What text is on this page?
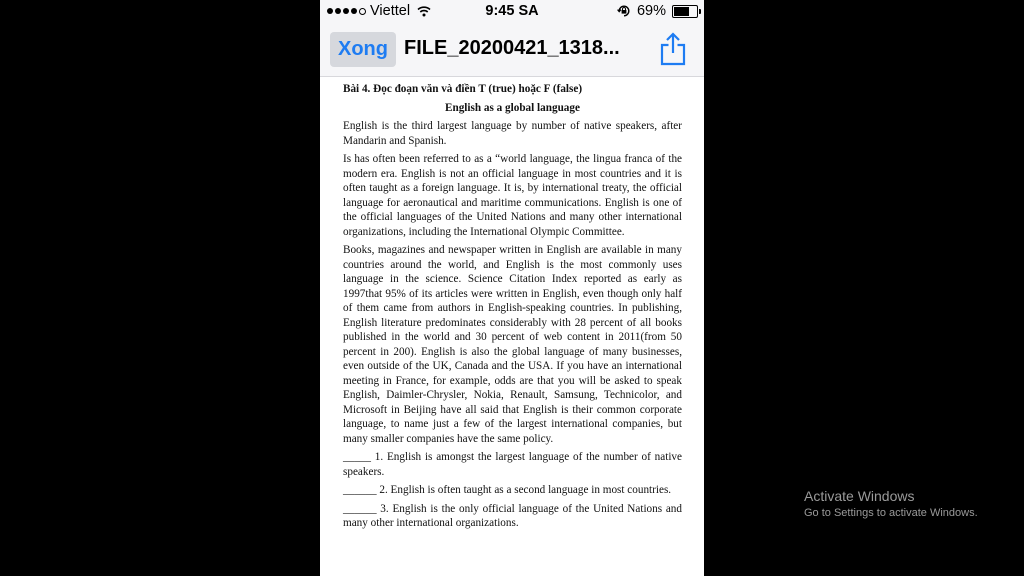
Viettel	9:45 SA	69%
Xong FILE_20200421_1318...

Bài 4. Đọc đoạn văn và điền T (true) hoặc F (false)

English as a global language

English is the third largest language by number of native speakers, after Mandarin and Spanish.

Is has often been referred to as a “world language, the lingua franca of the modern era. English is not an official language in most countries and it is often taught as a foreign language. It is, by international treaty, the official language for aeronautical and maritime communications. English is one of the official languages of the United Nations and many other international organizations, including the International Olympic Committee.

Books, magazines and newspaper written in English are available in many countries around the world, and English is the most commonly uses language in the science. Science Citation Index reported as early as 1997that 95% of its articles were written in English, even though only half of them came from authors in English-speaking countries. In publishing, English literature predominates considerably with 28 percent of all books published in the world and 30 percent of web content in 2011(from 50 percent in 200). English is also the global language of many businesses, even outside of the UK, Canada and the USA. If you have an international meeting in France, for example, odds are that you will be asked to speak English, Daimler-Chrysler, Nokia, Renault, Samsung, Technicolor, and Microsoft in Beijing have all said that English is their common corporate language, to name just a few of the largest international companies, but many smaller companies have the same policy.

_____ 1. English is amongst the largest language of the number of native speakers.

______ 2. English is often taught as a second language in most countries.

______ 3. English is the only official language of the United Nations and many other international organizations.

Activate Windows
Go to Settings to activate Windows.
